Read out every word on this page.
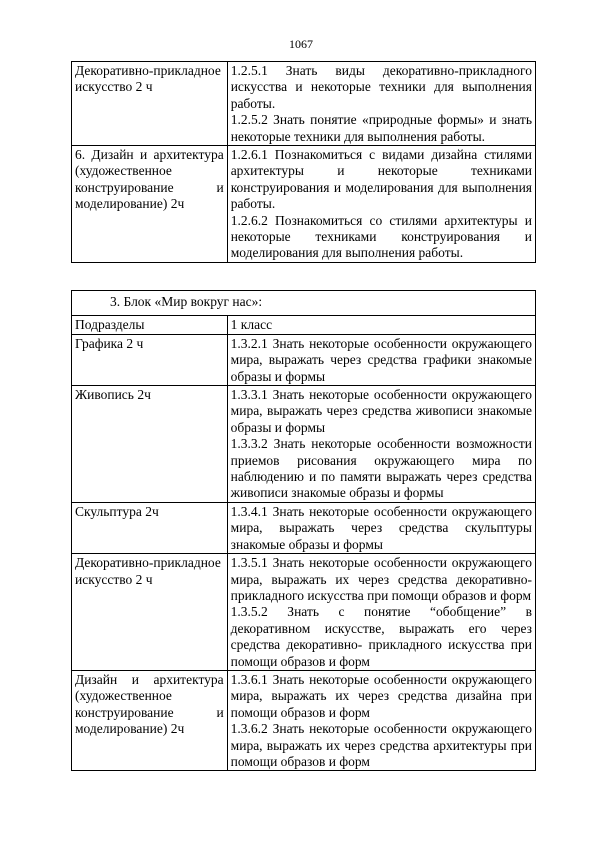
1067
Декоративно-прикладное искусство 2 ч	1.2.5.1 Знать виды декоративно-прикладного искусства и некоторые техники для выполнения работы.

1.2.5.2 Знать понятие «природные формы» и знать некоторые техники для выполнения работы.

6. Дизайн и архитектура (художественное конструирование и моделирование) 2ч	1.2.6.1 Познакомиться с видами дизайна стилями архитектуры и некоторые техниками конструирования и моделирования для выполнения работы.

1.2.6.2 Познакомиться со стилями архитектуры и некоторые техниками конструирования и моделирования для выполнения работы.

3. Блок «Мир вокруг нас»:	
Подразделы	1 класс
Графика 2 ч	1.3.2.1 Знать некоторые особенности окружающего мира, выражать через средства графики знакомые образы и формы

Живопись 2ч	1.3.3.1 Знать некоторые особенности окружающего мира, выражать через средства живописи знакомые образы и формы

1.3.3.2 Знать некоторые особенности возможности приемов рисования окружающего мира по наблюдению и по памяти выражать через средства живописи знакомые образы и формы

Скульптура 2ч	1.3.4.1 Знать некоторые особенности окружающего мира, выражать через средства скульптуры знакомые образы и формы

Декоративно-прикладное искусство 2 ч	1.3.5.1 Знать некоторые особенности окружающего мира, выражать их через средства декоративно- прикладного искусства при помощи образов и форм

1.3.5.2 Знать с понятие “обобщение” в декоративном искусстве, выражать его через средства декоративно- прикладного искусства при помощи образов и форм

Дизайн и архитектура (художественное конструирование и моделирование) 2ч	1.3.6.1 Знать некоторые особенности окружающего мира, выражать их через средства дизайна при помощи образов и форм

1.3.6.2 Знать некоторые особенности окружающего мира, выражать их через средства архитектуры при помощи образов и форм
